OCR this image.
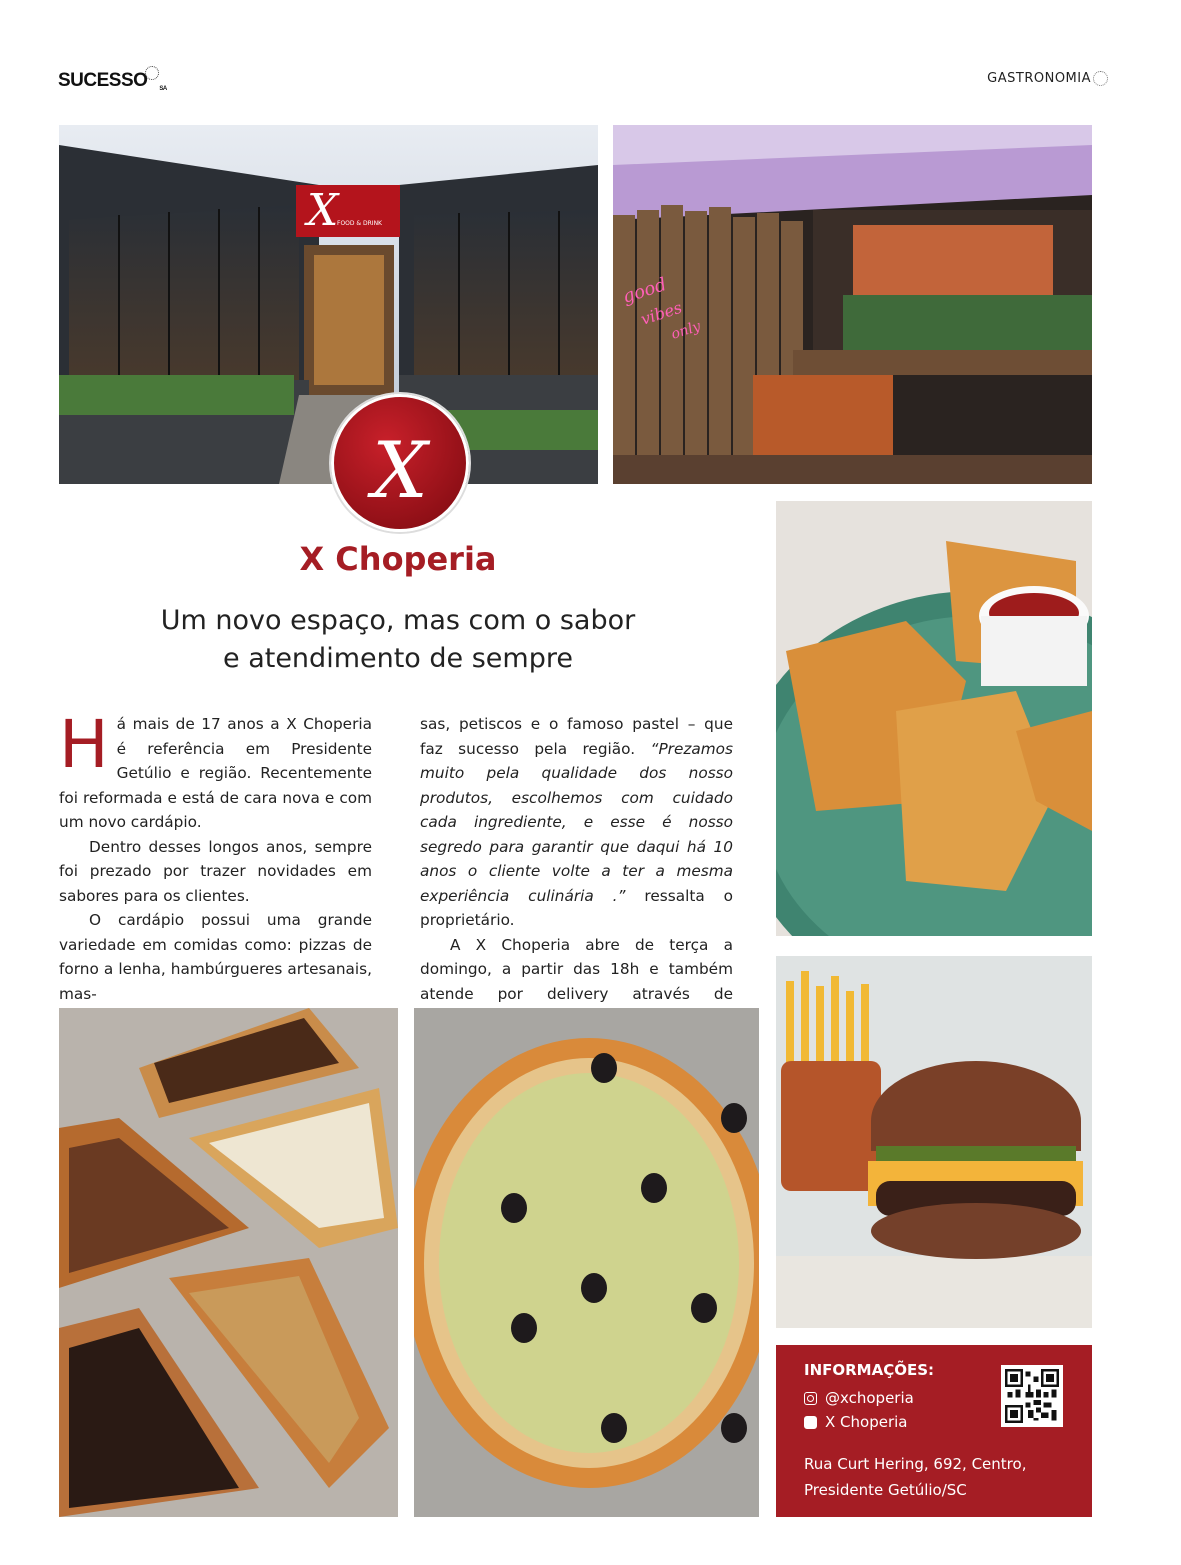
SUCESSO SA
GASTRONOMIA
X
FOOD & DRINK
good
vibes
only
X
X Choperia
Um novo espaço, mas com o sabor
e atendimento de sempre

Há mais de 17 anos a X Choperia é referência em Presidente Getúlio e região. Recentemente foi reformada e está de cara nova e com um novo cardápio.

Dentro desses longos anos, sempre foi prezado por trazer novidades em sabores para os clientes.

O cardápio possui uma grande variedade em comidas como: pizzas de forno a lenha, hambúrgueres artesanais, mas-

sas, petiscos e o famoso pastel – que faz sucesso pela região. “Prezamos muito pela qualidade dos nosso produtos, escolhemos com cuidado cada ingrediente, e esse é nosso segredo para garantir que daqui há 10 anos o cliente volte a ter a mesma experiência culinária .” ressalta o proprietário.

A X Choperia abre de terça a domingo, a partir das 18h e também atende por delivery através de

INFORMAÇÕES:
@xchoperia
X Choperia
Rua Curt Hering, 692, Centro,
Presidente Getúlio/SC
